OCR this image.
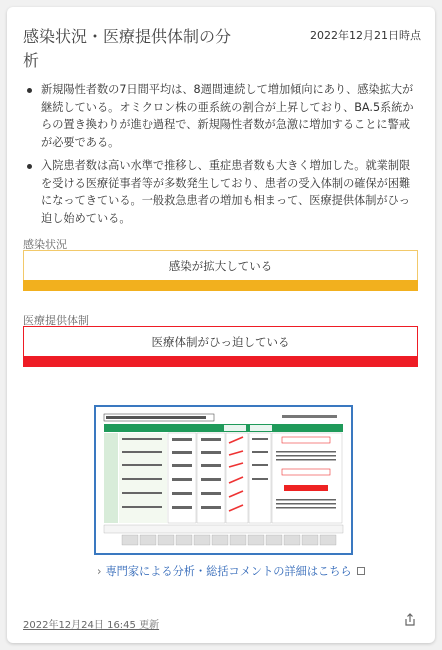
感染状況・医療提供体制の分析
2022年12月21日時点
新規陽性者数の7日間平均は、8週間連続して増加傾向にあり、感染拡大が継続している。オミクロン株の亜系統の割合が上昇しており、BA.5系統からの置き換わりが進む過程で、新規陽性者数が急激に増加することに警戒が必要である。
入院患者数は高い水準で推移し、重症患者数も大きく増加した。就業制限を受ける医療従事者等が多数発生しており、患者の受入体制の確保が困難になってきている。一般救急患者の増加も相まって、医療提供体制がひっ迫し始めている。
感染状況
感染が拡大している
医療提供体制
医療体制がひっ迫している
› 専門家による分析・総括コメントの詳細はこちら
2022年12月24日 16:45 更新
